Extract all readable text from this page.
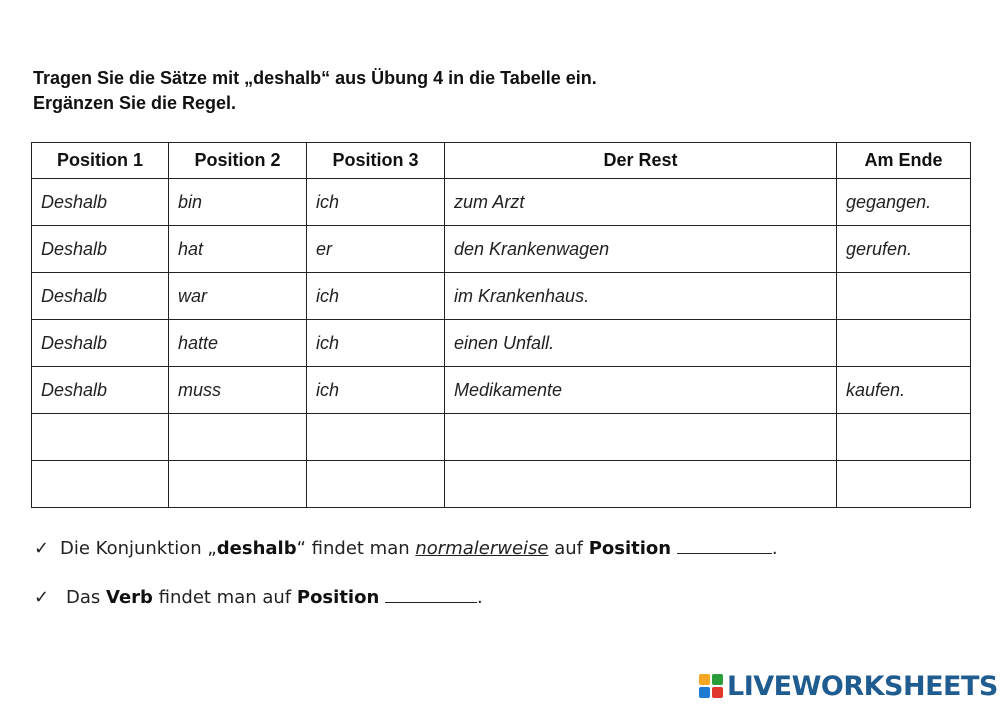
Tragen Sie die Sätze mit „deshalb“ aus Übung 4 in die Tabelle ein.
Ergänzen Sie die Regel.
Position 1	Position 2	Position 3	Der Rest	Am Ende
Deshalb	bin	ich	zum Arzt	gegangen.
Deshalb	hat	er	den Krankenwagen	gerufen.
Deshalb	war	ich	im Krankenhaus.	
Deshalb	hatte	ich	einen Unfall.	
Deshalb	muss	ich	Medikamente	kaufen.

✓ Die Konjunktion „deshalb“ findet man normalerweise auf Position	.
✓ Das Verb findet man auf Position	.
LIVEWORKSHEETS
